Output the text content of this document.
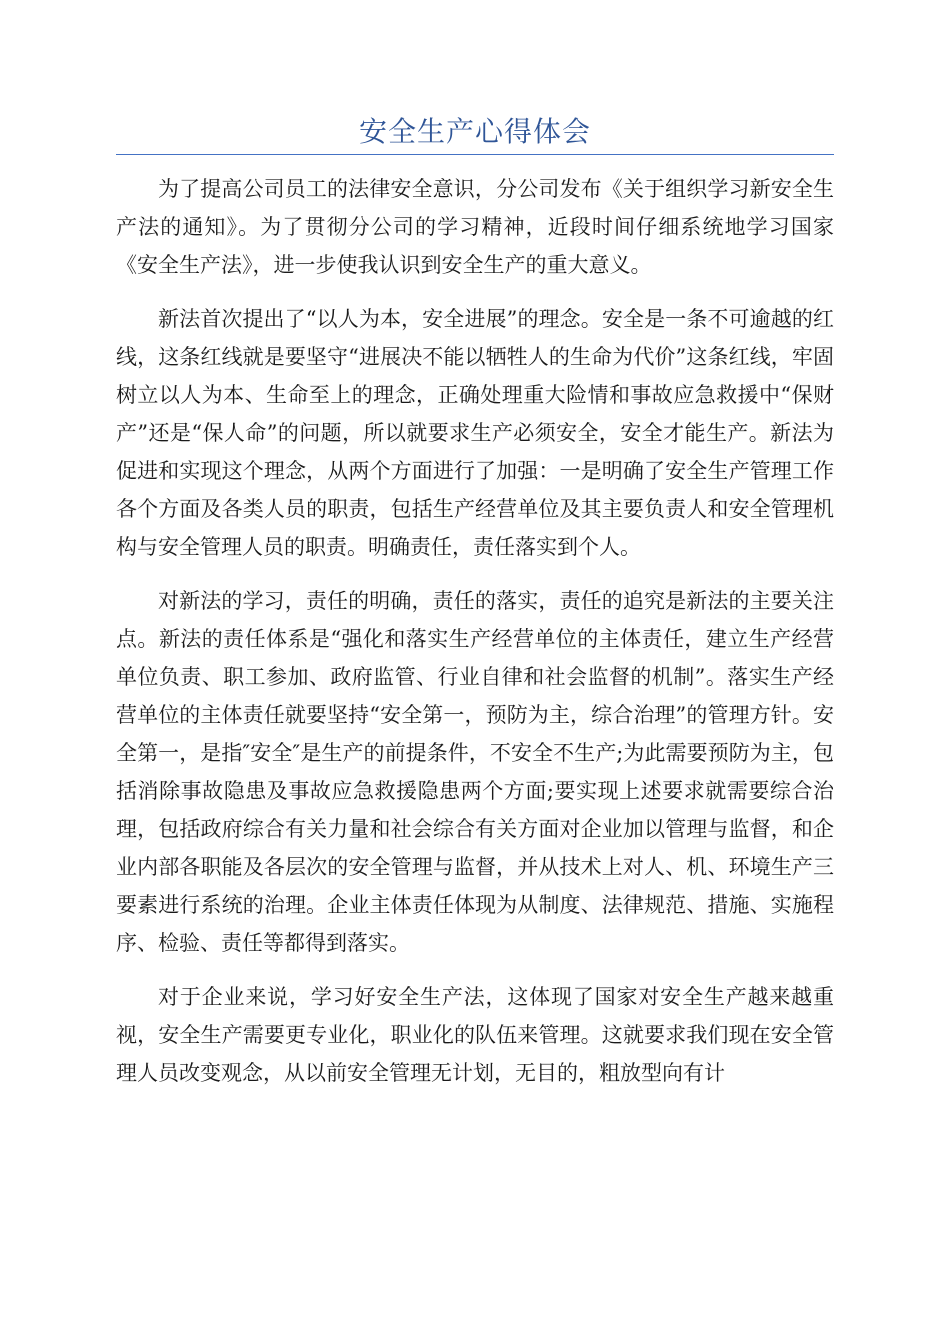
安全生产心得体会

为了提高公司员工的法律安全意识，分公司发布《关于组织学习新安全生产法的通知》。为了贯彻分公司的学习精神，近段时间仔细系统地学习国家《安全生产法》，进一步使我认识到安全生产的重大意义。

新法首次提出了“以人为本，安全进展”的理念。安全是一条不可逾越的红线，这条红线就是要坚守“进展决不能以牺牲人的生命为代价”这条红线，牢固树立以人为本、生命至上的理念，正确处理重大险情和事故应急救援中“保财产”还是“保人命”的问题，所以就要求生产必须安全，安全才能生产。新法为促进和实现这个理念，从两个方面进行了加强：一是明确了安全生产管理工作各个方面及各类人员的职责，包括生产经营单位及其主要负责人和安全管理机构与安全管理人员的职责。明确责任，责任落实到个人。

对新法的学习，责任的明确，责任的落实，责任的追究是新法的主要关注点。新法的责任体系是“强化和落实生产经营单位的主体责任，建立生产经营单位负责、职工参加、政府监管、行业自律和社会监督的机制”。落实生产经营单位的主体责任就要坚持“安全第一，预防为主，综合治理”的管理方针。安全第一，是指″安全″是生产的前提条件，不安全不生产;为此需要预防为主，包括消除事故隐患及事故应急救援隐患两个方面;要实现上述要求就需要综合治理，包括政府综合有关力量和社会综合有关方面对企业加以管理与监督，和企业内部各职能及各层次的安全管理与监督，并从技术上对人、机、环境生产三要素进行系统的治理。企业主体责任体现为从制度、法律规范、措施、实施程序、检验、责任等都得到落实。

对于企业来说，学习好安全生产法，这体现了国家对安全生产越来越重视，安全生产需要更专业化，职业化的队伍来管理。这就要求我们现在安全管理人员改变观念，从以前安全管理无计划，无目的，粗放型向有计
